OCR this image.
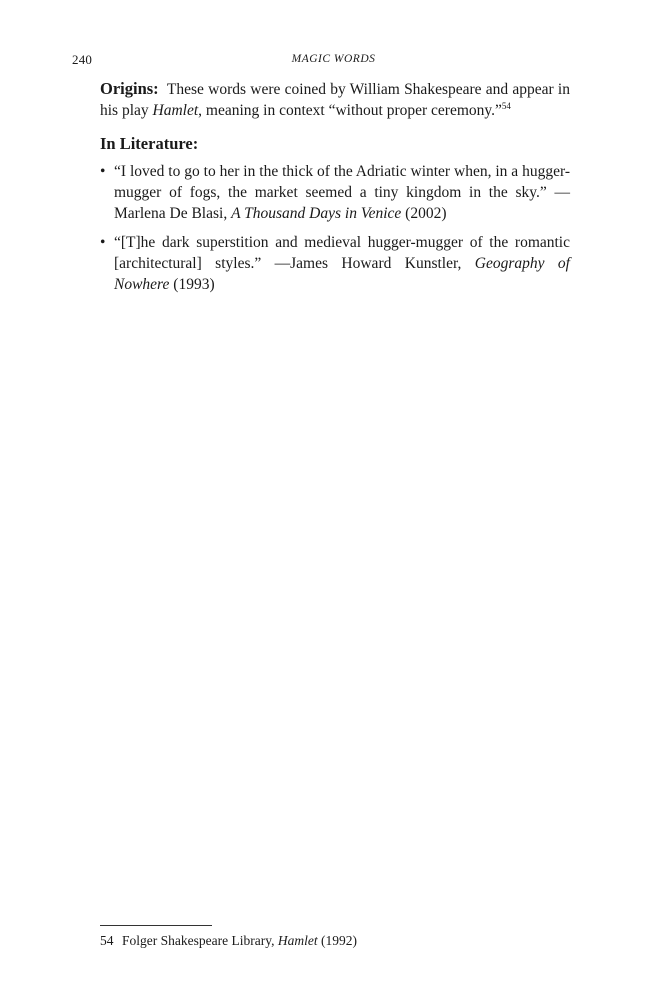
240	MAGIC WORDS

Origins: These words were coined by William Shakespeare and appear in his play Hamlet, meaning in context “without proper ceremony.”$^{54}$

In Literature:

• “I loved to go to her in the thick of the Adriatic winter when, in a hugger-mugger of fogs, the market seemed a tiny kingdom in the sky.” —Marlena De Blasi, A Thousand Days in Venice (2002)
• “[T]he dark superstition and medieval hugger-mugger of the romantic [architectural] styles.” —James Howard Kunstler, Geography of Nowhere (1993)
54 Folger Shakespeare Library, Hamlet (1992)
